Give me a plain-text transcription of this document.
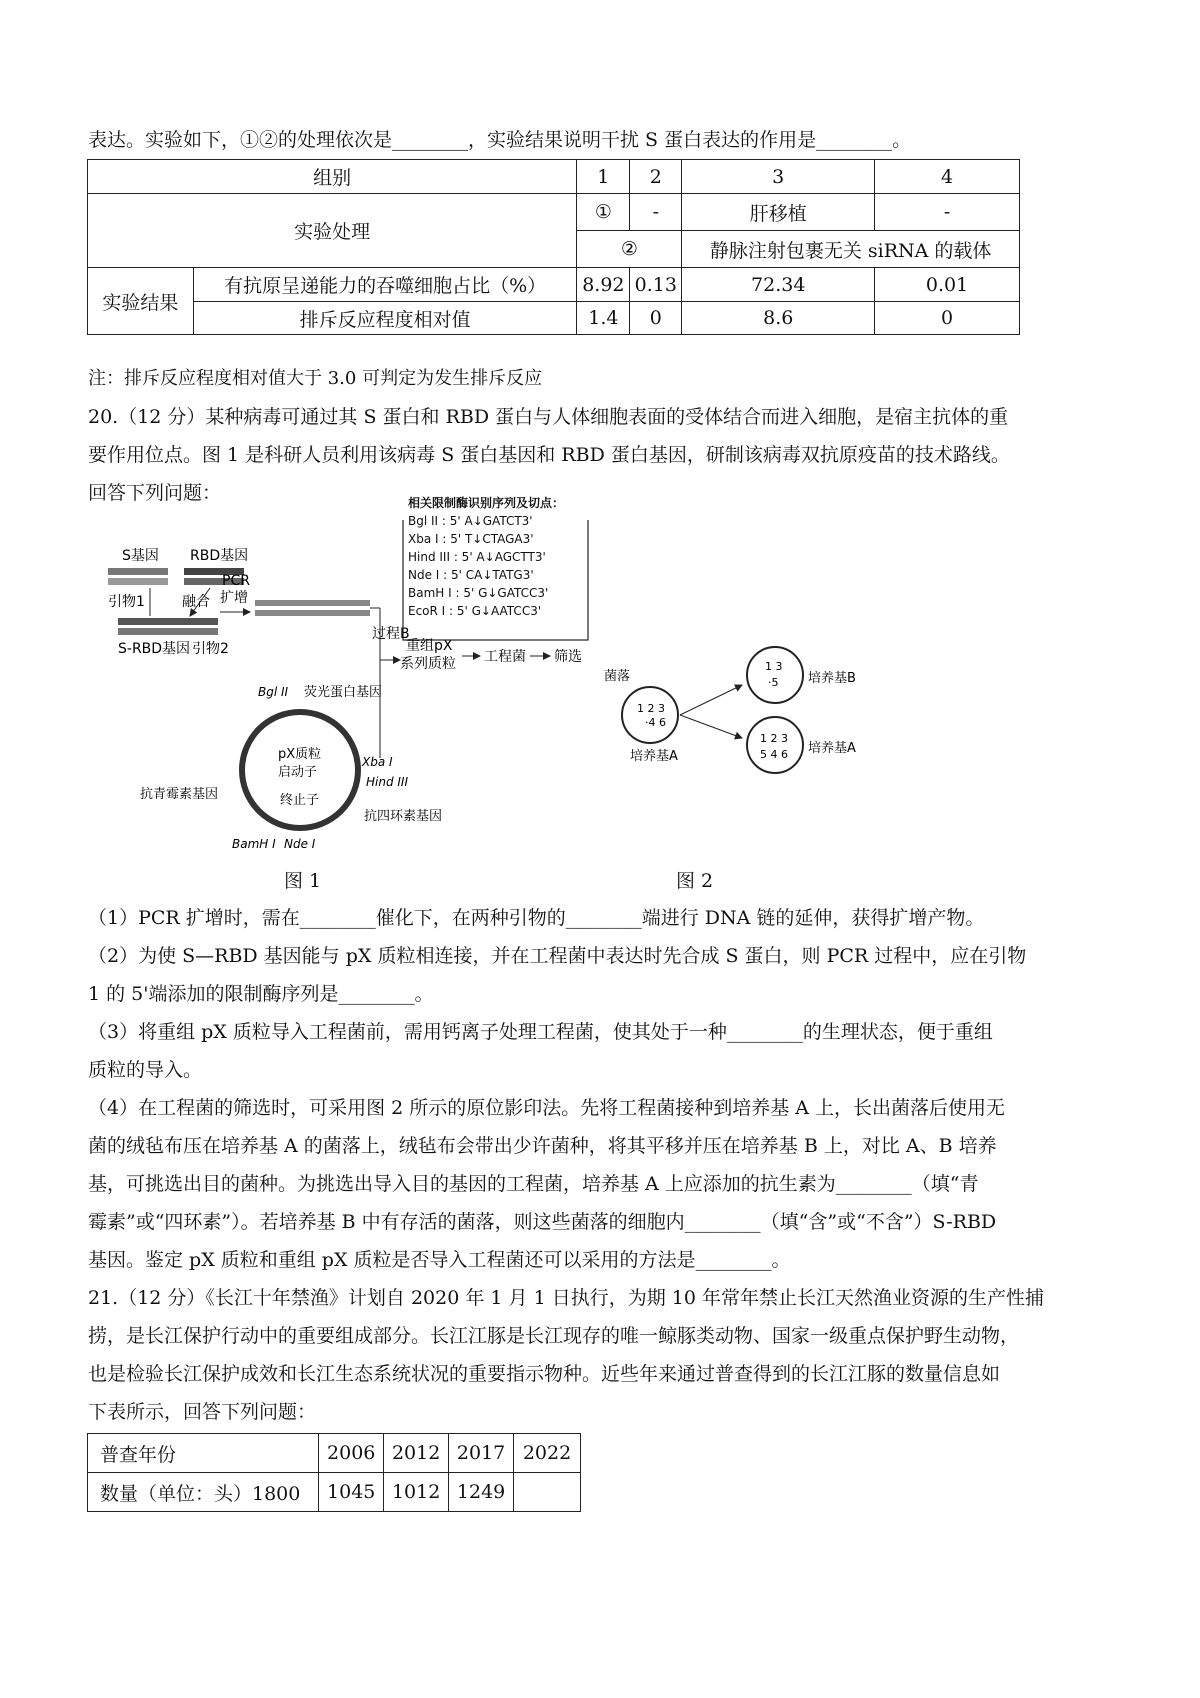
表达。实验如下，①②的处理依次是________，实验结果说明干扰 S 蛋白表达的作用是________。
组别		1	2	3	4
实验处理		①	-	肝移植	-
		②		静脉注射包裹无关 siRNA 的载体	
实验结果	有抗原呈递能力的吞噬细胞占比（%）	8.92	0.13	72.34	0.01
	排斥反应程度相对值	1.4	0	8.6	0
注：排斥反应程度相对值大于 3.0 可判定为发生排斥反应
20.（12 分）某种病毒可通过其 S 蛋白和 RBD 蛋白与人体细胞表面的受体结合而进入细胞，是宿主抗体的重
要作用位点。图 1 是科研人员利用该病毒 S 蛋白基因和 RBD 蛋白基因，研制该病毒双抗原疫苗的技术路线。
回答下列问题：
S基因 RBD基因
引物1	融合
S-RBD基因 引物2
PCR
扩增
过程B
重组pX
系列质粒 工程菌 筛选
pX质粒
启动子
终止子
Bgl II 荧光蛋白基因
Xba I
Hind III
抗青霉素基因
抗四环素基因
BamH I Nde I
相关限制酶识别序列及切点：
Bgl II : 5' A↓GATCT3'
Xba I : 5' T↓CTAGA3'
Hind III : 5' A↓AGCTT3'
Nde I : 5' CA↓TATG3'
BamH I : 5' G↓GATCC3'
EcoR I : 5' G↓AATCC3'
1 2 3
·4 6
1 3
·5
1 2 3
5 4 6
菌落
培养基A
培养基B
培养基A
图 1	图 2
（1）PCR 扩增时，需在________催化下，在两种引物的________端进行 DNA 链的延伸，获得扩增产物。
（2）为使 S—RBD 基因能与 pX 质粒相连接，并在工程菌中表达时先合成 S 蛋白，则 PCR 过程中，应在引物
1 的 5'端添加的限制酶序列是________。
（3）将重组 pX 质粒导入工程菌前，需用钙离子处理工程菌，使其处于一种________的生理状态，便于重组
质粒的导入。
（4）在工程菌的筛选时，可采用图 2 所示的原位影印法。先将工程菌接种到培养基 A 上，长出菌落后使用无
菌的绒毡布压在培养基 A 的菌落上，绒毡布会带出少许菌种，将其平移并压在培养基 B 上，对比 A、B 培养
基，可挑选出目的菌种。为挑选出导入目的基因的工程菌，培养基 A 上应添加的抗生素为________（填“青
霉素”或“四环素”）。若培养基 B 中有存活的菌落，则这些菌落的细胞内________（填“含”或“不含”）S-RBD
基因。鉴定 pX 质粒和重组 pX 质粒是否导入工程菌还可以采用的方法是________。
21.（12 分）《长江十年禁渔》计划自 2020 年 1 月 1 日执行，为期 10 年常年禁止长江天然渔业资源的生产性捕
捞，是长江保护行动中的重要组成部分。长江江豚是长江现存的唯一鲸豚类动物、国家一级重点保护野生动物，
也是检验长江保护成效和长江生态系统状况的重要指示物种。近些年来通过普查得到的长江江豚的数量信息如
下表所示，回答下列问题：
普查年份	2006	2012	2017	2022
数量（单位：头）1800	1045	1012	1249	
